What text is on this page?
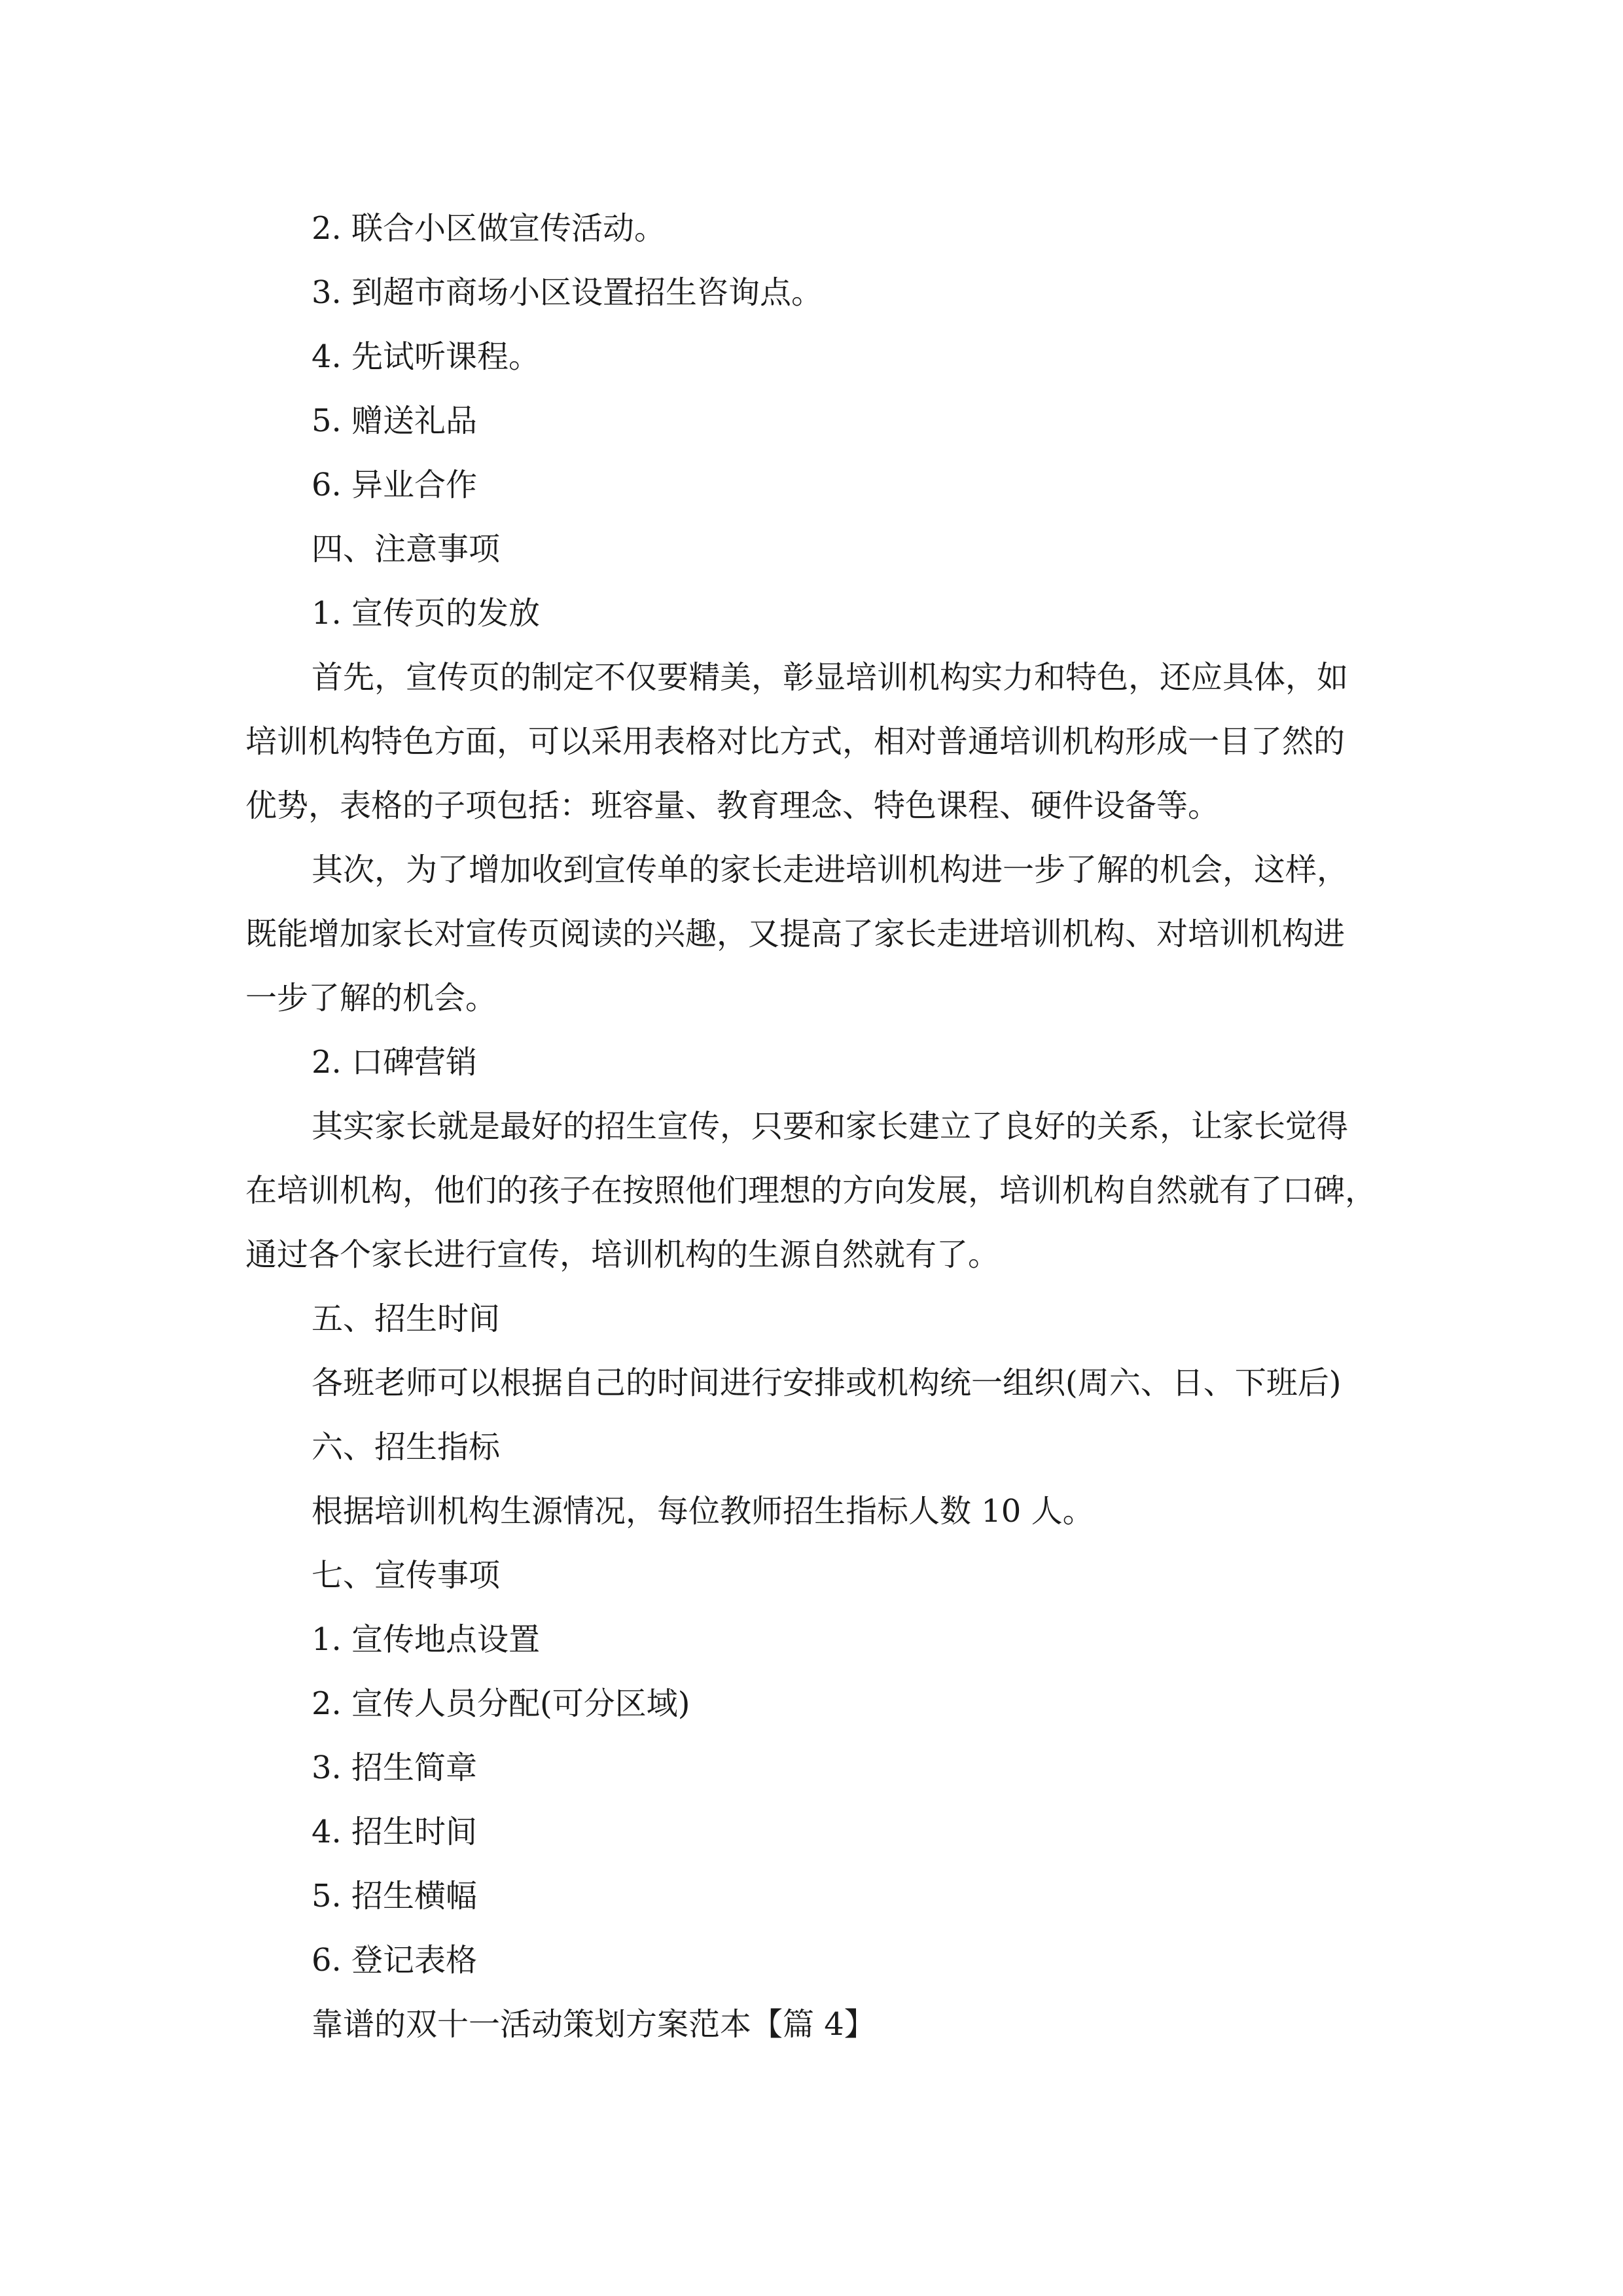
2. 联合小区做宣传活动。

3. 到超市商场小区设置招生咨询点。

4. 先试听课程。

5. 赠送礼品

6. 异业合作

四、注意事项

1. 宣传页的发放

首先，宣传页的制定不仅要精美，彰显培训机构实力和特色，还应具体，如

培训机构特色方面，可以采用表格对比方式，相对普通培训机构形成一目了然的

优势，表格的子项包括：班容量、教育理念、特色课程、硬件设备等。

其次，为了增加收到宣传单的家长走进培训机构进一步了解的机会，这样，

既能增加家长对宣传页阅读的兴趣，又提高了家长走进培训机构、对培训机构进

一步了解的机会。

2. 口碑营销

其实家长就是最好的招生宣传，只要和家长建立了良好的关系，让家长觉得

在培训机构，他们的孩子在按照他们理想的方向发展，培训机构自然就有了口碑，

通过各个家长进行宣传，培训机构的生源自然就有了。

五、招生时间

各班老师可以根据自己的时间进行安排或机构统一组织(周六、日、下班后)

六、招生指标

根据培训机构生源情况，每位教师招生指标人数 10 人。

七、宣传事项

1. 宣传地点设置

2. 宣传人员分配(可分区域)

3. 招生简章

4. 招生时间

5. 招生横幅

6. 登记表格

靠谱的双十一活动策划方案范本【篇 4】
